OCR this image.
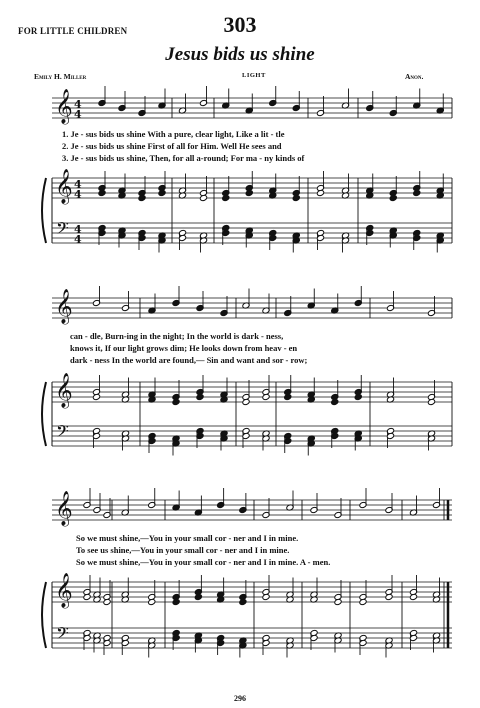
FOR LITTLE CHILDREN	303
Jesus bids us shine
Emily H. Miller	LIGHT	Anon.
1. Je - sus bids us shine With a pure, clear light, Like a lit - tle
2. Je - sus bids us shine First of all for Him. Well He sees and
3. Je - sus bids us shine, Then, for all a-round; For ma - ny kinds of
can - dle, Burn-ing in the night; In the world is dark - ness,
knows it, If our light grows dim; He looks down from heav - en
dark - ness In the world are found,— Sin and want and sor - row;
So we must shine,—You in your small cor - ner and I in mine.
To see us shine,—You in your small cor - ner and I in mine.
So we must shine,—You in your small cor - ner and I in mine. A - men.
296
𝄞
𝄞
𝄢
4
4
4
4
4
4
𝄞
𝄞
𝄢
𝄞
𝄞
𝄢
